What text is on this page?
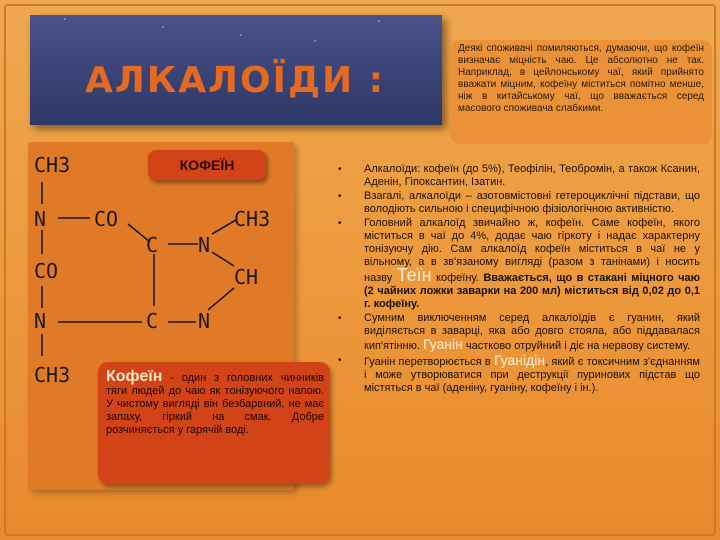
ˊ
ˊ
ˊ
ˊ
ˊ
АЛКАЛОЇДИ :
Деякі споживачі помиляються, думаючи, що кофеїн визначає міцність чаю. Це абсолютно не так. Наприклад, в цейлонському чаї, який прийнято вважати міцним, кофеїну міститься помітно менше, ніж в китайському чаї, що вважається серед масового споживача слабкими.
CH3
N CO	CH3
C N
CO	CH
N	C N
CH3
КОФЕЇН
Кофеїн - один з головних чинників тяги людей до чаю як тонізуючого напою. У чистому вигляді він безбарвний, не має запаху, гіркий на смак. Добре розчиняється у гарячій воді.
• Алкалоїди: кофеїн (до 5%), Теофілін, Теобромін, а також Ксанин, Аденін, Гіпоксантин, Ізатин.
• Взагалі, алкалоїди – азотовмістовні гетероциклічні підстави, що володіють сильною і специфічною фізіологічною активністю.
• Головний алкалоїд звичайно ж, кофеїн. Саме кофеїн, якого міститься в чаї до 4%, додає чаю гіркоту і надає характерну тонізуючу дію. Сам алкалоїд кофеїн міститься в чаї не у вільному, а в зв'язаному вигляді (разом з танінами) і носить назву Теїн кофеїну. Вважається, що в стакані міцного чаю (2 чайних ложки заварки на 200 мл) міститься від 0,02 до 0,1 г. кофеїну.
• Сумним виключенням серед алкалоїдів є гуанин, який виділяється в заварці, яка або довго стояла, або піддавалася кип'ятінню. Гуанін частково отруйний і діє на нервову систему.
• Гуанін перетворюється в Гуанідін, який є токсичним з'єднанням і може утворюватися при деструкції пуринових підстав що містяться в чаї (аденіну, гуаніну, кофеїну і ін.).
